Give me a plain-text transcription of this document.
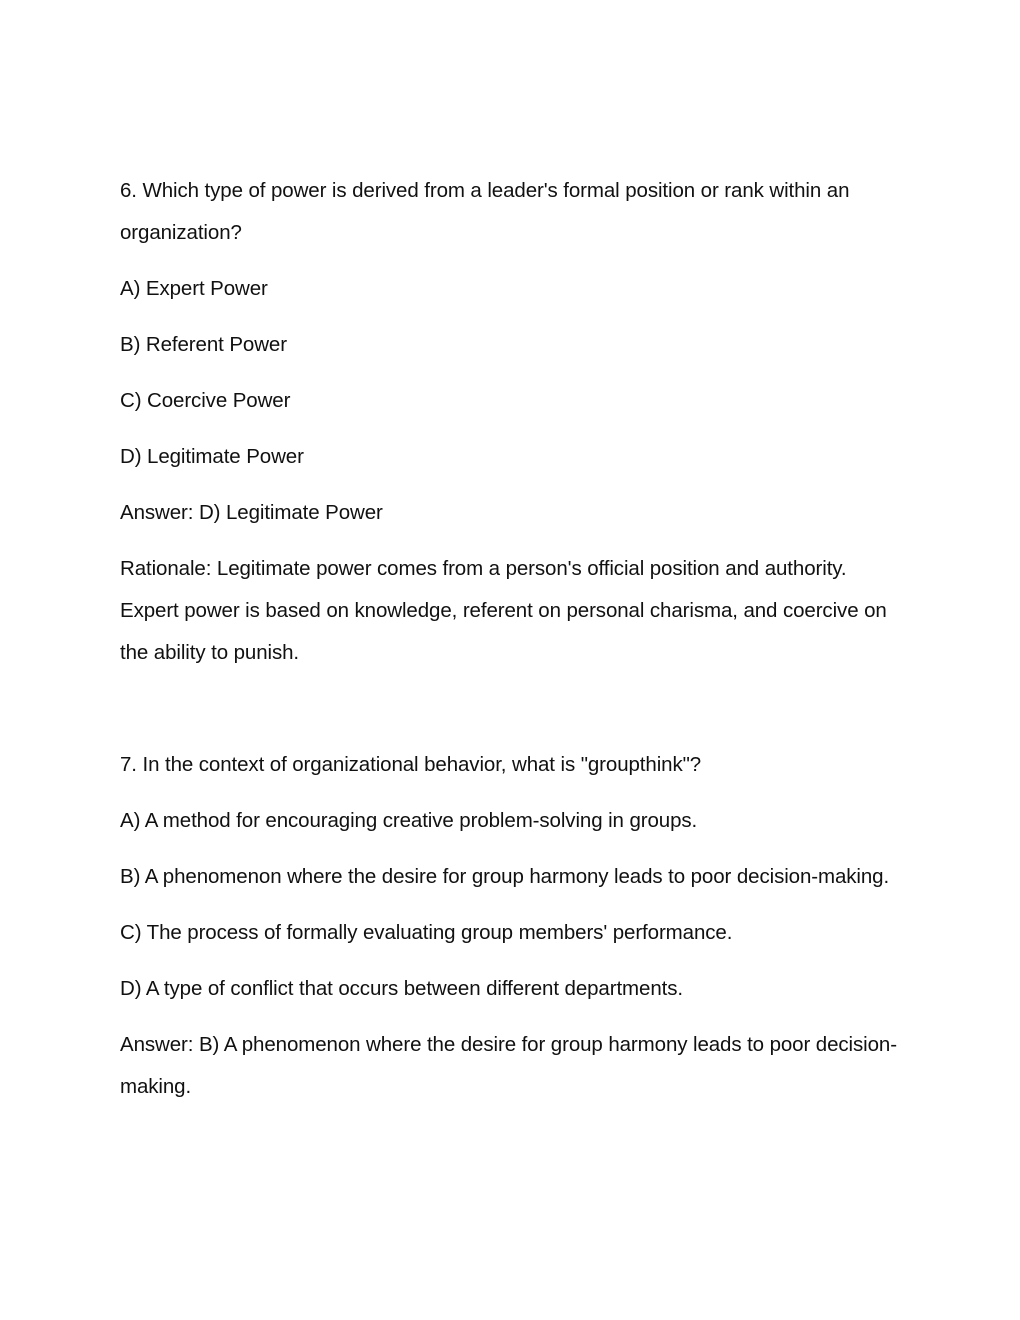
6. Which type of power is derived from a leader's formal position or rank within an organization?

A) Expert Power

B) Referent Power

C) Coercive Power

D) Legitimate Power

Answer: D) Legitimate Power

Rationale: Legitimate power comes from a person's official position and authority. Expert power is based on knowledge, referent on personal charisma, and coercive on the ability to punish.

7. In the context of organizational behavior, what is "groupthink"?

A) A method for encouraging creative problem-solving in groups.

B) A phenomenon where the desire for group harmony leads to poor decision-making.

C) The process of formally evaluating group members' performance.

D) A type of conflict that occurs between different departments.

Answer: B) A phenomenon where the desire for group harmony leads to poor decision-making.
